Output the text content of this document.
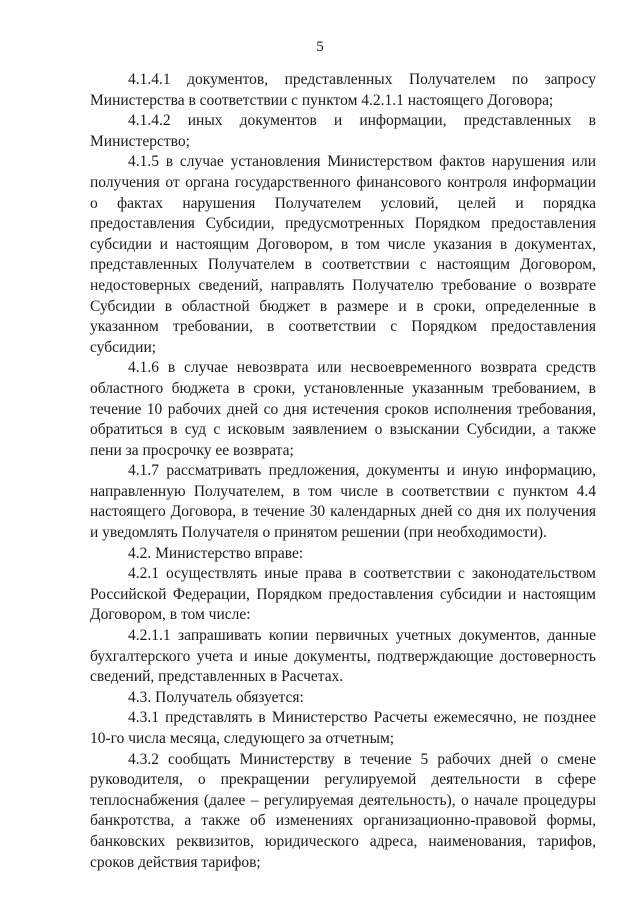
5

4.1.4.1 документов, представленных Получателем по запросу Министерства в соответствии с пунктом 4.2.1.1 настоящего Договора;

4.1.4.2 иных документов и информации, представленных в Министерство;

4.1.5 в случае установления Министерством фактов нарушения или получения от органа государственного финансового контроля информации о фактах нарушения Получателем условий, целей и порядка предоставления Субсидии, предусмотренных Порядком предоставления субсидии и настоящим Договором, в том числе указания в документах, представленных Получателем в соответствии с настоящим Договором, недостоверных сведений, направлять Получателю требование о возврате Субсидии в областной бюджет в размере и в сроки, определенные в указанном требовании, в соответствии с Порядком предоставления субсидии;

4.1.6 в случае невозврата или несвоевременного возврата средств областного бюджета в сроки, установленные указанным требованием, в течение 10 рабочих дней со дня истечения сроков исполнения требования, обратиться в суд с исковым заявлением о взыскании Субсидии, а также пени за просрочку ее возврата;

4.1.7 рассматривать предложения, документы и иную информацию, направленную Получателем, в том числе в соответствии с пунктом 4.4 настоящего Договора, в течение 30 календарных дней со дня их получения и уведомлять Получателя о принятом решении (при необходимости).

4.2. Министерство вправе:

4.2.1 осуществлять иные права в соответствии с законодательством Российской Федерации, Порядком предоставления субсидии и настоящим Договором, в том числе:

4.2.1.1 запрашивать копии первичных учетных документов, данные бухгалтерского учета и иные документы, подтверждающие достоверность сведений, представленных в Расчетах.

4.3. Получатель обязуется:

4.3.1 представлять в Министерство Расчеты ежемесячно, не позднее 10-го числа месяца, следующего за отчетным;

4.3.2 сообщать Министерству в течение 5 рабочих дней о смене руководителя, о прекращении регулируемой деятельности в сфере теплоснабжения (далее – регулируемая деятельность), о начале процедуры банкротства, а также об изменениях организационно-правовой формы, банковских реквизитов, юридического адреса, наименования, тарифов, сроков действия тарифов;
